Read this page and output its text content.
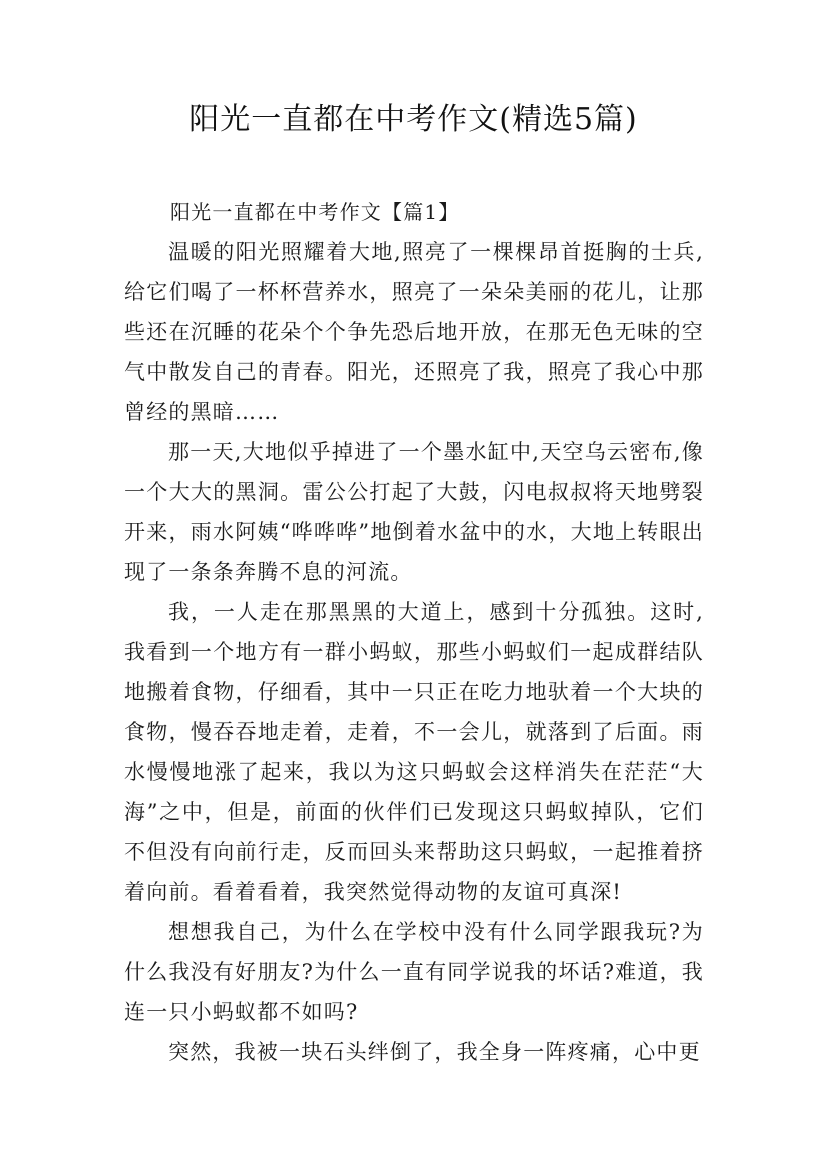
阳光一直都在中考作文(精选5篇)

阳光一直都在中考作文【篇1】

温暖的阳光照耀着大地,照亮了一棵棵昂首挺胸的士兵,给它们喝了一杯杯营养水，照亮了一朵朵美丽的花儿，让那些还在沉睡的花朵个个争先恐后地开放，在那无色无味的空气中散发自己的青春。阳光，还照亮了我，照亮了我心中那曾经的黑暗……

那一天,大地似乎掉进了一个墨水缸中,天空乌云密布,像一个大大的黑洞。雷公公打起了大鼓，闪电叔叔将天地劈裂开来，雨水阿姨“哗哗哗”地倒着水盆中的水，大地上转眼出现了一条条奔腾不息的河流。

我，一人走在那黑黑的大道上，感到十分孤独。这时,我看到一个地方有一群小蚂蚁，那些小蚂蚁们一起成群结队地搬着食物，仔细看，其中一只正在吃力地驮着一个大块的食物，慢吞吞地走着，走着，不一会儿，就落到了后面。雨水慢慢地涨了起来，我以为这只蚂蚁会这样消失在茫茫“大海”之中，但是，前面的伙伴们已发现这只蚂蚁掉队，它们不但没有向前行走，反而回头来帮助这只蚂蚁，一起推着挤着向前。看着看着，我突然觉得动物的友谊可真深!

想想我自己，为什么在学校中没有什么同学跟我玩?为什么我没有好朋友?为什么一直有同学说我的坏话?难道，我连一只小蚂蚁都不如吗?

突然，我被一块石头绊倒了，我全身一阵疼痛，心中更
